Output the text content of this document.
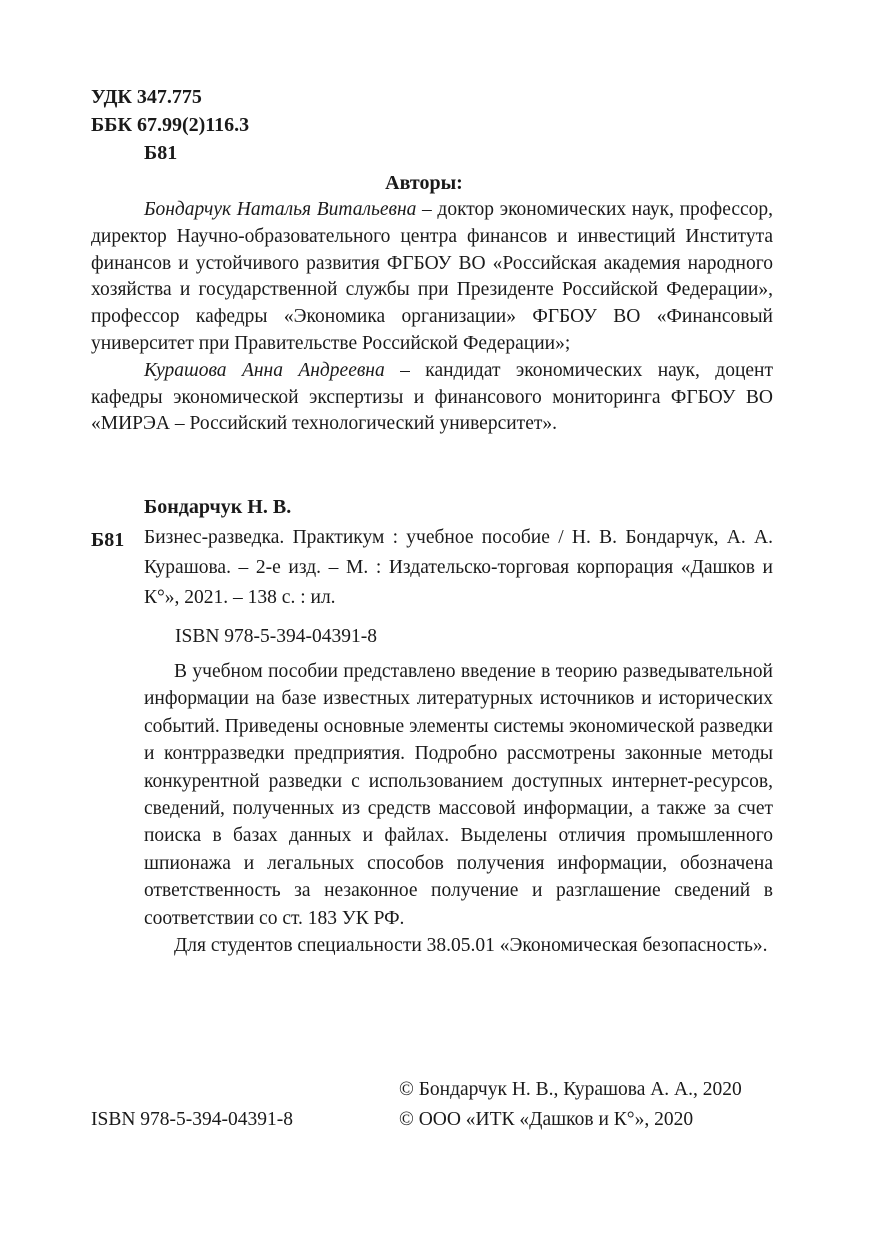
УДК 347.775
ББК 67.99(2)116.3
Б81
Авторы:

Бондарчук Наталья Витальевна – доктор экономических наук, профессор, директор Научно-образовательного центра финансов и инвестиций Института финансов и устойчивого развития ФГБОУ ВО «Российская академия народного хозяйства и государственной службы при Президенте Российской Федерации», профессор кафедры «Экономика организации» ФГБОУ ВО «Финансовый университет при Правительстве Российской Федерации»;

Курашова Анна Андреевна – кандидат экономических наук, доцент кафедры экономической экспертизы и финансового мониторинга ФГБОУ ВО «МИРЭА – Российский технологический университет».

Бондарчук Н. В.
Б81 Бизнес-разведка. Практикум : учебное пособие / Н. В. Бондарчук, А. А. Курашова. – 2-е изд. – М. : Издательско-торговая корпорация «Дашков и К°», 2021. – 138 с. : ил.

ISBN 978-5-394-04391-8

В учебном пособии представлено введение в теорию разведывательной информации на базе известных литературных источников и исторических событий. Приведены основные элементы системы экономической разведки и контрразведки предприятия. Подробно рассмотрены законные методы конкурентной разведки с использованием доступных интернет-ресурсов, сведений, полученных из средств массовой информации, а также за счет поиска в базах данных и файлах. Выделены отличия промышленного шпионажа и легальных способов получения информации, обозначена ответственность за незаконное получение и разглашение сведений в соответствии со ст. 183 УК РФ.

Для студентов специальности 38.05.01 «Экономическая безопасность».

© Бондарчук Н. В., Курашова А. А., 2020
© ООО «ИТК «Дашков и К°», 2020
ISBN 978-5-394-04391-8
